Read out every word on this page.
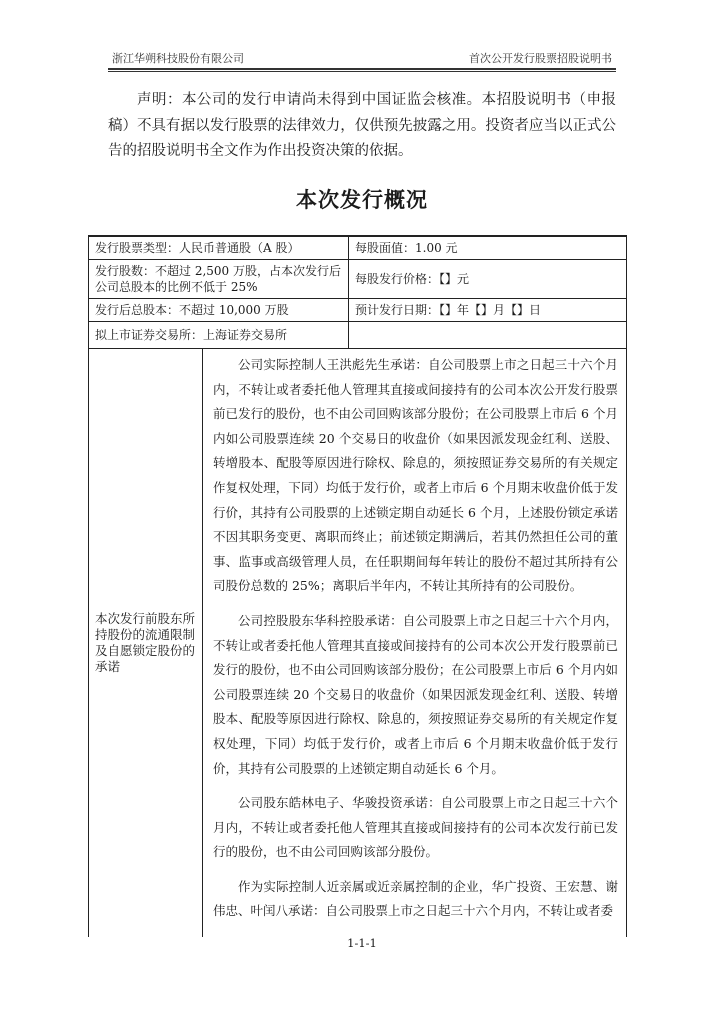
浙江华朔科技股份有限公司	首次公开发行股票招股说明书
声明：本公司的发行申请尚未得到中国证监会核准。本招股说明书（申报稿）不具有据以发行股票的法律效力，仅供预先披露之用。投资者应当以正式公告的招股说明书全文作为作出投资决策的依据。
本次发行概况
发行股票类型：人民币普通股（A 股）		每股面值：1.00 元
发行股数：不超过 2,500 万股，占本次发行后公司总股本的比例不低于 25%		每股发行价格：【】元
发行后总股本：不超过 10,000 万股		预计发行日期：【】年【】月【】日
拟上市证券交易所：上海证券交易所		
本次发行前股东所持股份的流通限制及自愿锁定股份的承诺	公司实际控制人王洪彪先生承诺：自公司股票上市之日起三十六个月内，不转让或者委托他人管理其直接或间接持有的公司本次公开发行股票前已发行的股份，也不由公司回购该部分股份；在公司股票上市后 6 个月内如公司股票连续 20 个交易日的收盘价（如果因派发现金红利、送股、转增股本、配股等原因进行除权、除息的，须按照证券交易所的有关规定作复权处理，下同）均低于发行价，或者上市后 6 个月期末收盘价低于发行价，其持有公司股票的上述锁定期自动延长 6 个月，上述股份锁定承诺不因其职务变更、离职而终止；前述锁定期满后，若其仍然担任公司的董事、监事或高级管理人员，在任职期间每年转让的股份不超过其所持有公司股份总数的 25%；离职后半年内，不转让其所持有的公司股份。

公司控股股东华科控股承诺：自公司股票上市之日起三十六个月内，不转让或者委托他人管理其直接或间接持有的公司本次公开发行股票前已发行的股份，也不由公司回购该部分股份；在公司股票上市后 6 个月内如公司股票连续 20 个交易日的收盘价（如果因派发现金红利、送股、转增股本、配股等原因进行除权、除息的，须按照证券交易所的有关规定作复权处理，下同）均低于发行价，或者上市后 6 个月期末收盘价低于发行价，其持有公司股票的上述锁定期自动延长 6 个月。

公司股东皓林电子、华骏投资承诺：自公司股票上市之日起三十六个月内，不转让或者委托他人管理其直接或间接持有的公司本次发行前已发行的股份，也不由公司回购该部分股份。

作为实际控制人近亲属或近亲属控制的企业，华广投资、王宏慧、谢伟忠、叶闰八承诺：自公司股票上市之日起三十六个月内，不转让或者委	

1-1-1
